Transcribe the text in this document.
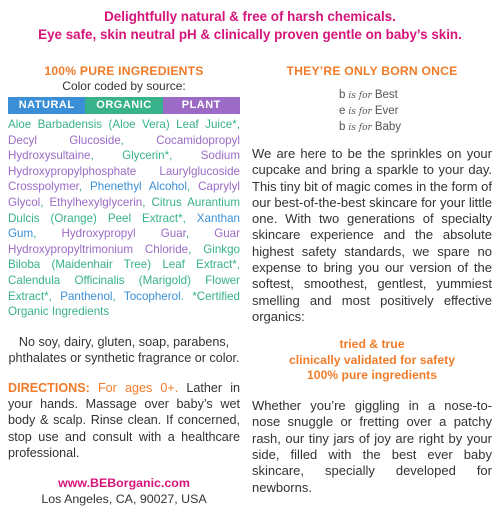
Delightfully natural & free of harsh chemicals.
Eye safe, skin neutral pH & clinically proven gentle on baby’s skin.
100% PURE INGREDIENTS
Color coded by source:
NATURAL	ORGANIC	PLANT
Aloe Barbadensis (Aloe Vera) Leaf Juice*, Decyl Glucoside, Cocamidopropyl Hydroxysultaine, Glycerin*, Sodium Hydroxypropylphosphate Laurylglucoside Crosspolymer, Phenethyl Alcohol, Caprylyl Glycol, Ethylhexylglycerin, Citrus Aurantium Dulcis (Orange) Peel Extract*, Xanthan Gum, Hydroxypropyl Guar, Guar Hydroxypropyltrimonium Chloride, Ginkgo Biloba (Maidenhair Tree) Leaf Extract*, Calendula Officinalis (Marigold) Flower Extract*, Panthenol, Tocopherol. *Certified Organic Ingredients
No soy, dairy, gluten, soap, parabens, phthalates or synthetic fragrance or color.
DIRECTIONS: For ages 0+. Lather in your hands. Massage over baby’s wet body & scalp. Rinse clean. If concerned, stop use and consult with a healthcare professional.
www.BEBorganic.com
Los Angeles, CA, 90027, USA
THEY’RE ONLY BORN ONCE
b is for Best
e is for Ever
b is for Baby
We are here to be the sprinkles on your cupcake and bring a sparkle to your day. This tiny bit of magic comes in the form of our best-of-the-best skincare for your little one. With two generations of specialty skincare experience and the absolute highest safety standards, we spare no expense to bring you our version of the softest, smoothest, gentlest, yummiest smelling and most positively effective organics:
tried & true
clinically validated for safety
100% pure ingredients
Whether you’re giggling in a nose-to-nose snuggle or fretting over a patchy rash, our tiny jars of joy are right by your side, filled with the best ever baby skincare, specially developed for newborns.
